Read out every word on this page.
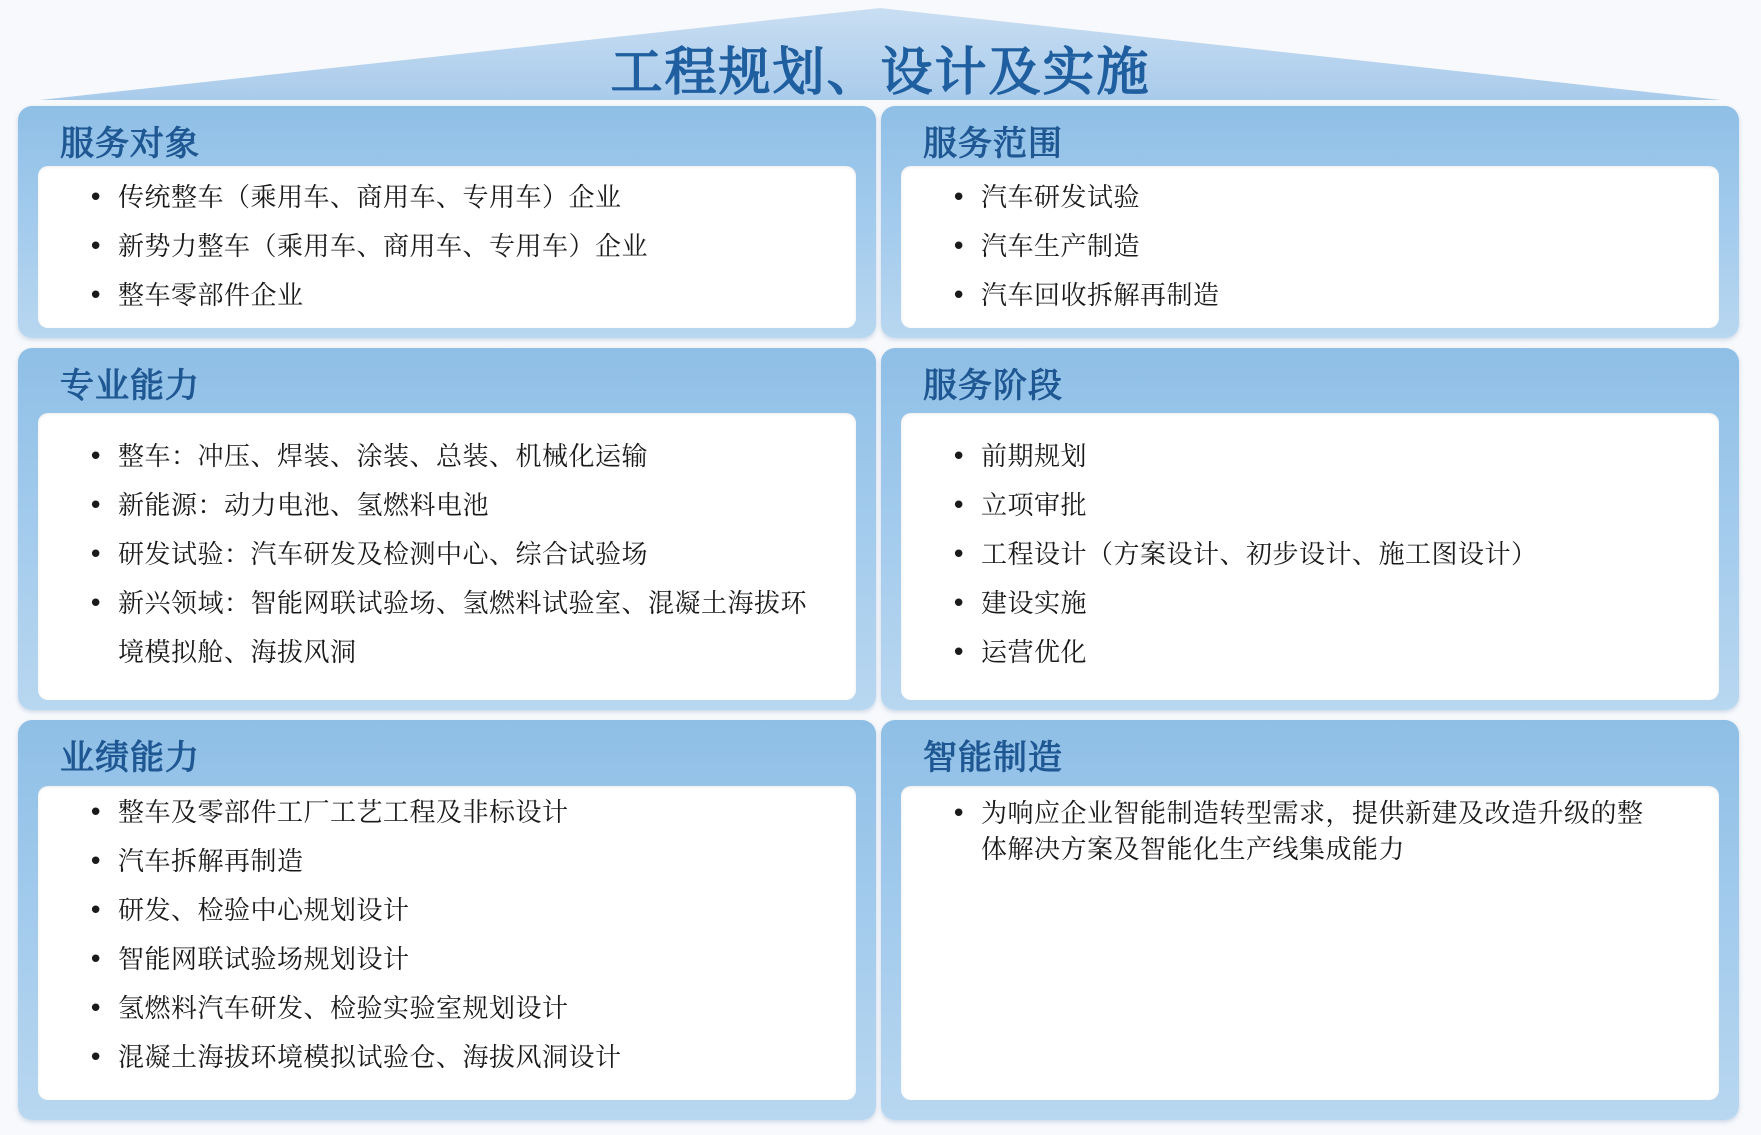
工程规划、设计及实施
服务对象
• 传统整车（乘用车、商用车、专用车）企业
• 新势力整车（乘用车、商用车、专用车）企业
• 整车零部件企业
服务范围
• 汽车研发试验
• 汽车生产制造
• 汽车回收拆解再制造
专业能力
• 整车：冲压、焊装、涂装、总装、机械化运输
• 新能源：动力电池、氢燃料电池
• 研发试验：汽车研发及检测中心、综合试验场
• 新兴领域：智能网联试验场、氢燃料试验室、混凝土海拔环境模拟舱、海拔风洞
服务阶段
• 前期规划
• 立项审批
• 工程设计（方案设计、初步设计、施工图设计）
• 建设实施
• 运营优化
业绩能力
• 整车及零部件工厂工艺工程及非标设计
• 汽车拆解再制造
• 研发、检验中心规划设计
• 智能网联试验场规划设计
• 氢燃料汽车研发、检验实验室规划设计
• 混凝土海拔环境模拟试验仓、海拔风洞设计
智能制造
• 为响应企业智能制造转型需求，提供新建及改造升级的整体解决方案及智能化生产线集成能力
